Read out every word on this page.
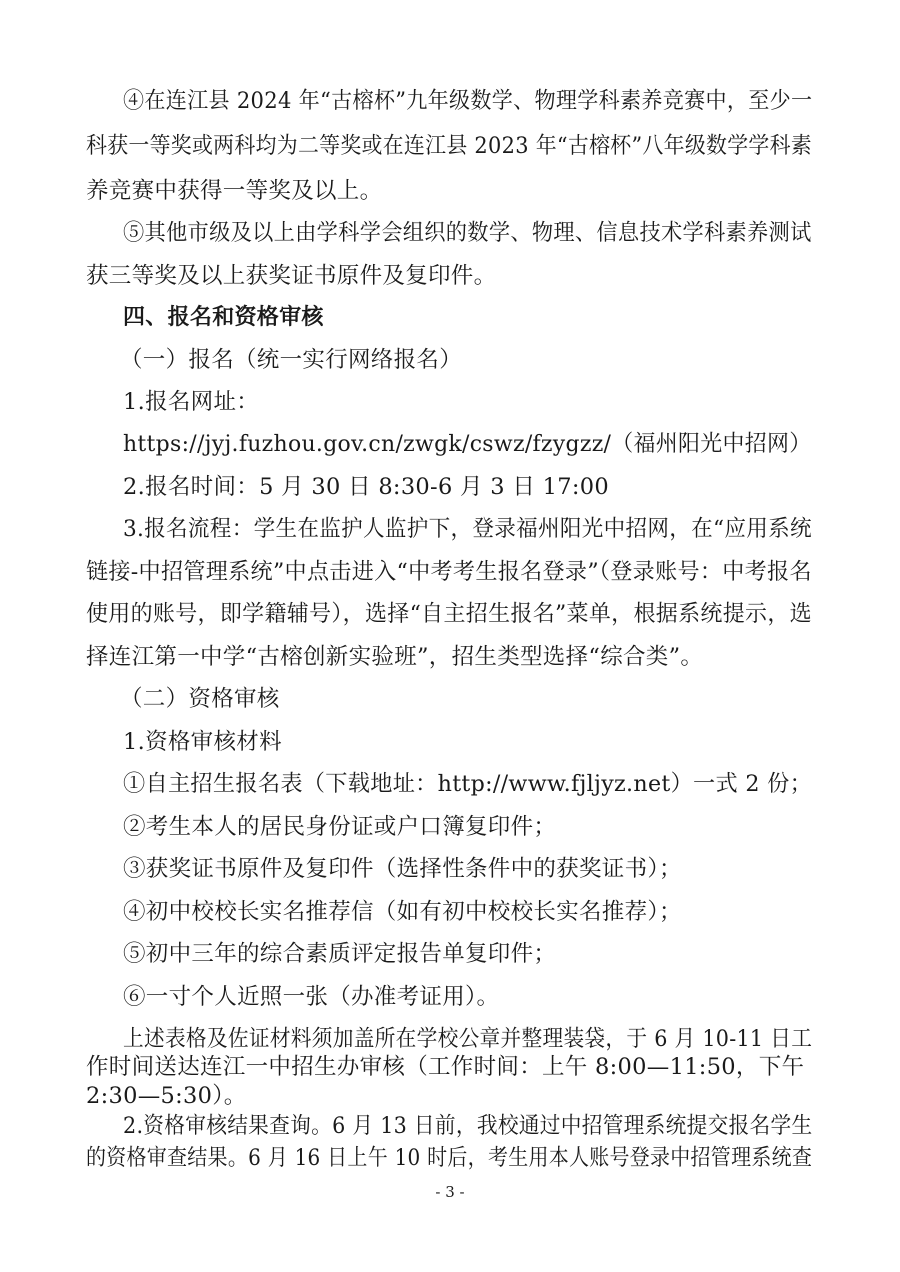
④在连江县 2024 年“古榕杯”九年级数学、物理学科素养竞赛中，至少一
科获一等奖或两科均为二等奖或在连江县 2023 年“古榕杯”八年级数学学科素
养竞赛中获得一等奖及以上。
⑤其他市级及以上由学科学会组织的数学、物理、信息技术学科素养测试
获三等奖及以上获奖证书原件及复印件。
四、报名和资格审核
（一）报名（统一实行网络报名）
1.报名网址：
https://jyj.fuzhou.gov.cn/zwgk/cswz/fzygzz/（福州阳光中招网）
2.报名时间：5 月 30 日 8:30-6 月 3 日 17:00
3.报名流程：学生在监护人监护下，登录福州阳光中招网，在“应用系统
链接-中招管理系统”中点击进入“中考考生报名登录”（登录账号：中考报名
使用的账号，即学籍辅号），选择“自主招生报名”菜单，根据系统提示，选
择连江第一中学“古榕创新实验班”，招生类型选择“综合类”。
（二）资格审核
1.资格审核材料
①自主招生报名表（下载地址：http://www.fjljyz.net）一式 2 份；
②考生本人的居民身份证或户口簿复印件；
③获奖证书原件及复印件（选择性条件中的获奖证书）；
④初中校校长实名推荐信（如有初中校校长实名推荐）；
⑤初中三年的综合素质评定报告单复印件；
⑥一寸个人近照一张（办准考证用）。
上述表格及佐证材料须加盖所在学校公章并整理装袋，于 6 月 10-11 日工
作时间送达连江一中招生办审核（工作时间：上午 8:00—11:50，下午
2:30—5:30）。
2.资格审核结果查询。6 月 13 日前，我校通过中招管理系统提交报名学生
的资格审查结果。6 月 16 日上午 10 时后，考生用本人账号登录中招管理系统查
- 3 -
